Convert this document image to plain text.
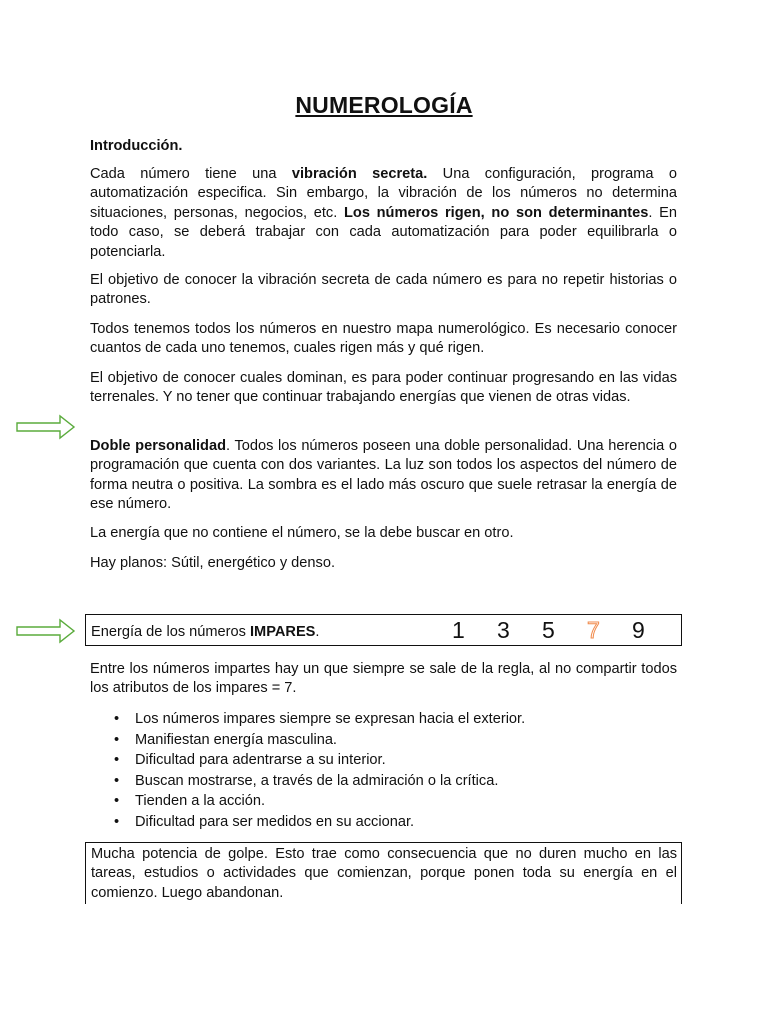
NUMEROLOGÍA
Introducción.

Cada número tiene una vibración secreta. Una configuración, programa o automatización especifica. Sin embargo, la vibración de los números no determina situaciones, personas, negocios, etc. Los números rigen, no son determinantes. En todo caso, se deberá trabajar con cada automatización para poder equilibrarla o potenciarla.

El objetivo de conocer la vibración secreta de cada número es para no repetir historias o patrones.

Todos tenemos todos los números en nuestro mapa numerológico. Es necesario conocer cuantos de cada uno tenemos, cuales rigen más y qué rigen.

El objetivo de conocer cuales dominan, es para poder continuar progresando en las vidas terrenales. Y no tener que continuar trabajando energías que vienen de otras vidas.

Doble personalidad. Todos los números poseen una doble personalidad. Una herencia o programación que cuenta con dos variantes. La luz son todos los aspectos del número de forma neutra o positiva. La sombra es el lado más oscuro que suele retrasar la energía de ese número.

La energía que no contiene el número, se la debe buscar en otro.

Hay planos: Sútil, energético y denso.

Energía de los números IMPARES.	1 3 5 7 9

Entre los números impartes hay un que siempre se sale de la regla, al no compartir todos los atributos de los impares = 7.

• Los números impares siempre se expresan hacia el exterior.
• Manifiestan energía masculina.
• Dificultad para adentrarse a su interior.
• Buscan mostrarse, a través de la admiración o la crítica.
• Tienden a la acción.
• Dificultad para ser medidos en su accionar.

Mucha potencia de golpe. Esto trae como consecuencia que no duren mucho en las tareas, estudios o actividades que comienzan, porque ponen toda su energía en el comienzo. Luego abandonan.
